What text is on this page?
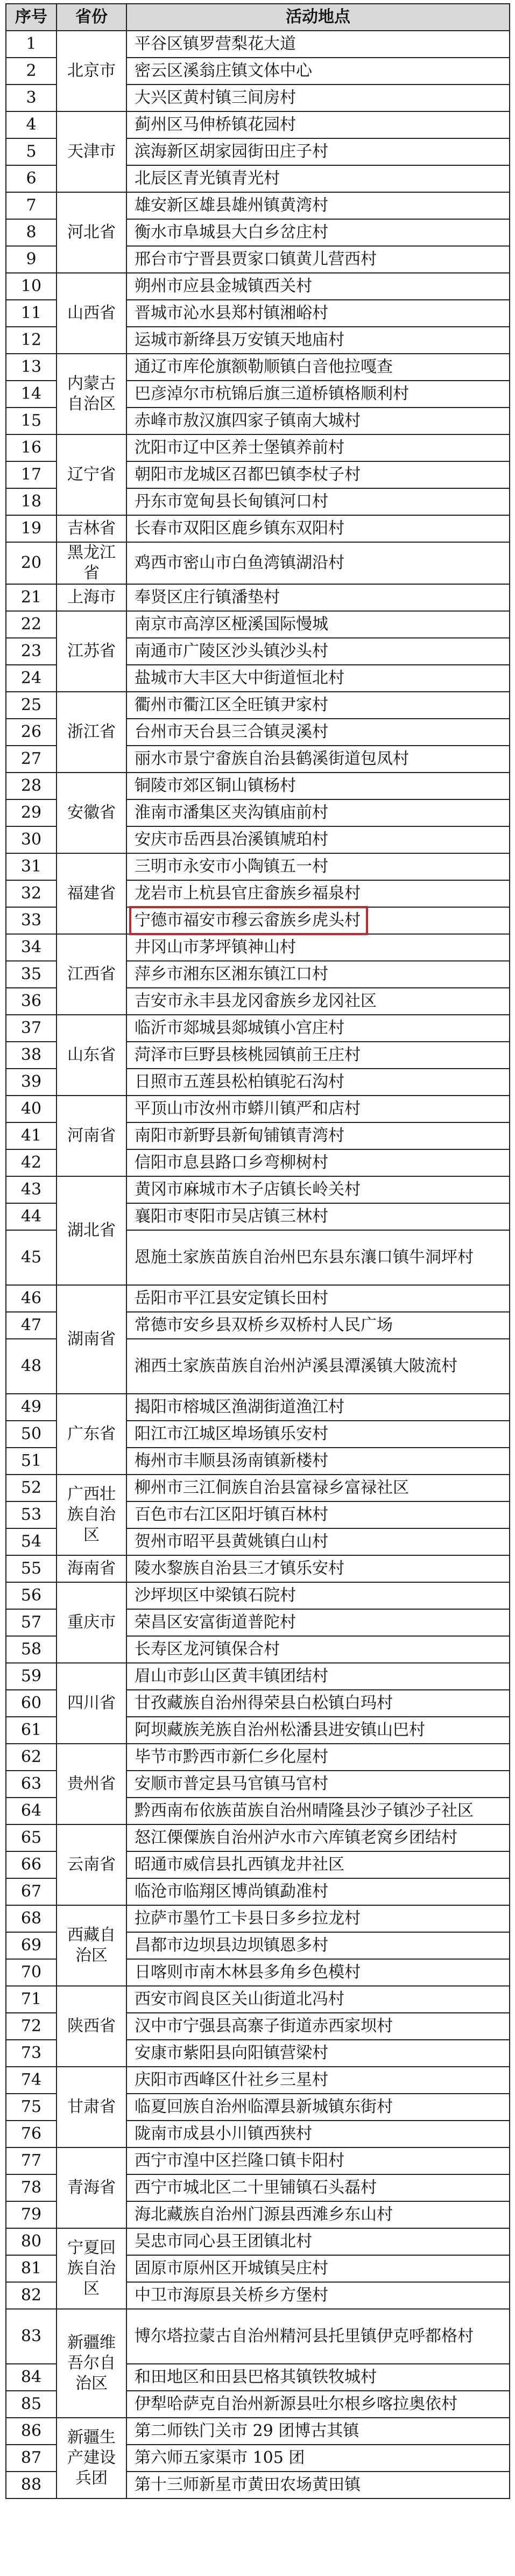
序号	省份	活动地点
1	北京市	平谷区镇罗营梨花大道
2		密云区溪翁庄镇文体中心
3		大兴区黄村镇三间房村
4	天津市	蓟州区马伸桥镇花园村
5		滨海新区胡家园街田庄子村
6		北辰区青光镇青光村
7	河北省	雄安新区雄县雄州镇黄湾村
8		衡水市阜城县大白乡岔庄村
9		邢台市宁晋县贾家口镇黄儿营西村
10	山西省	朔州市应县金城镇西关村
11		晋城市沁水县郑村镇湘峪村
12		运城市新绛县万安镇天地庙村
13	内蒙古自治区	通辽市库伦旗额勒顺镇白音他拉嘎查
14		巴彦淖尔市杭锦后旗三道桥镇格顺利村
15		赤峰市敖汉旗四家子镇南大城村
16	辽宁省	沈阳市辽中区养士堡镇养前村
17		朝阳市龙城区召都巴镇李杖子村
18		丹东市宽甸县长甸镇河口村
19	吉林省	长春市双阳区鹿乡镇东双阳村
20	黑龙江省	鸡西市密山市白鱼湾镇湖沿村
21	上海市	奉贤区庄行镇潘垫村
22	江苏省	南京市高淳区桠溪国际慢城
23		南通市广陵区沙头镇沙头村
24		盐城市大丰区大中街道恒北村
25	浙江省	衢州市衢江区全旺镇尹家村
26		台州市天台县三合镇灵溪村
27		丽水市景宁畲族自治县鹤溪街道包凤村
28	安徽省	铜陵市郊区铜山镇杨村
29		淮南市潘集区夹沟镇庙前村
30		安庆市岳西县冶溪镇虓珀村
31	福建省	三明市永安市小陶镇五一村
32		龙岩市上杭县官庄畲族乡福泉村
33		宁德市福安市穆云畲族乡虎头村
34	江西省	井冈山市茅坪镇神山村
35		萍乡市湘东区湘东镇江口村
36		吉安市永丰县龙冈畲族乡龙冈社区
37	山东省	临沂市郯城县郯城镇小宫庄村
38		菏泽市巨野县核桃园镇前王庄村
39		日照市五莲县松柏镇驼石沟村
40	河南省	平顶山市汝州市蟒川镇严和店村
41		南阳市新野县新甸铺镇青湾村
42		信阳市息县路口乡弯柳树村
43	湖北省	黄冈市麻城市木子店镇长岭关村
44		襄阳市枣阳市吴店镇三林村
45		恩施土家族苗族自治州巴东县东瀼口镇牛洞坪村
46	湖南省	岳阳市平江县安定镇长田村
47		常德市安乡县双桥乡双桥村人民广场
48		湘西土家族苗族自治州泸溪县潭溪镇大陂流村
49	广东省	揭阳市榕城区渔湖街道渔江村
50		阳江市江城区埠场镇乐安村
51		梅州市丰顺县汤南镇新楼村
52	广西壮族自治区	柳州市三江侗族自治县富禄乡富禄社区
53		百色市右江区阳圩镇百林村
54		贺州市昭平县黄姚镇白山村
55	海南省	陵水黎族自治县三才镇乐安村
56	重庆市	沙坪坝区中梁镇石院村
57		荣昌区安富街道普陀村
58		长寿区龙河镇保合村
59	四川省	眉山市彭山区黄丰镇团结村
60		甘孜藏族自治州得荣县白松镇白玛村
61		阿坝藏族羌族自治州松潘县进安镇山巴村
62	贵州省	毕节市黔西市新仁乡化屋村
63		安顺市普定县马官镇马官村
64		黔西南布依族苗族自治州晴隆县沙子镇沙子社区
65	云南省	怒江傈僳族自治州泸水市六库镇老窝乡团结村
66		昭通市威信县扎西镇龙井社区
67		临沧市临翔区博尚镇勐准村
68	西藏自治区	拉萨市墨竹工卡县日多乡拉龙村
69		昌都市边坝县边坝镇恩多村
70		日喀则市南木林县多角乡色模村
71	陕西省	西安市阎良区关山街道北冯村
72		汉中市宁强县高寨子街道赤西家坝村
73		安康市紫阳县向阳镇营梁村
74	甘肃省	庆阳市西峰区什社乡三星村
75		临夏回族自治州临潭县新城镇东街村
76		陇南市成县小川镇西狭村
77	青海省	西宁市湟中区拦隆口镇卡阳村
78		西宁市城北区二十里铺镇石头磊村
79		海北藏族自治州门源县西滩乡东山村
80	宁夏回族自治区	吴忠市同心县王团镇北村
81		固原市原州区开城镇吴庄村
82		中卫市海原县关桥乡方堡村
83	新疆维吾尔自治区	博尔塔拉蒙古自治州精河县托里镇伊克呼都格村
84		和田地区和田县巴格其镇铁牧城村
85		伊犁哈萨克自治州新源县吐尔根乡喀拉奥依村
86	新疆生产建设兵团	第二师铁门关市 29 团博古其镇
87		第六师五家渠市 105 团
88		第十三师新星市黄田农场黄田镇
